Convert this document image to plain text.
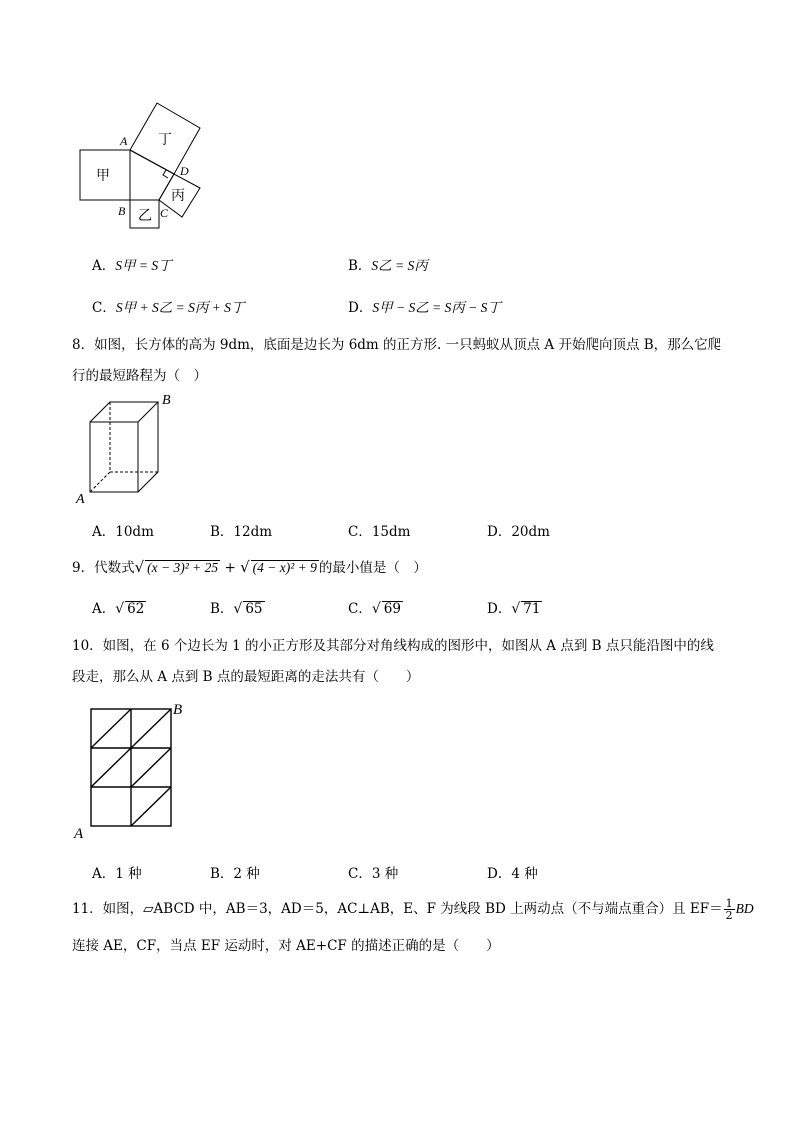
甲
乙
丙
丁
A
B	C
D
A．S甲 = S丁	B．S乙 = S丙
C．S甲 + S乙 = S丙 + S丁	D．S甲 − S乙 = S丙 − S丁
8．如图，长方体的高为 9dm，底面是边长为 6dm 的正方形. 一只蚂蚁从顶点 A 开始爬向顶点 B，那么它爬
行的最短路程为（　）
A
B
A．10dm	B．12dm	C．15dm	D．20dm
9．代数式√ (x − 3)² + 25 + √ (4 − x)² + 9 的最小值是（　）
A．√ 62	B．√ 65	C．√ 69	D．√ 71
10．如图，在 6 个边长为 1 的小正方形及其部分对角线构成的图形中，如图从 A 点到 B 点只能沿图中的线
段走，那么从 A 点到 B 点的最短距离的走法共有（　　）
A
B
A．1 种	B．2 种	C．3 种	D．4 种
11．如图，▱ABCD 中，AB＝3，AD＝5，AC⊥AB，E、F 为线段 BD 上两动点（不与端点重合）且 $EF= \frac{1}{2}$ BD
连接 AE，CF，当点 EF 运动时，对 AE+CF 的描述正确的是（　　）
